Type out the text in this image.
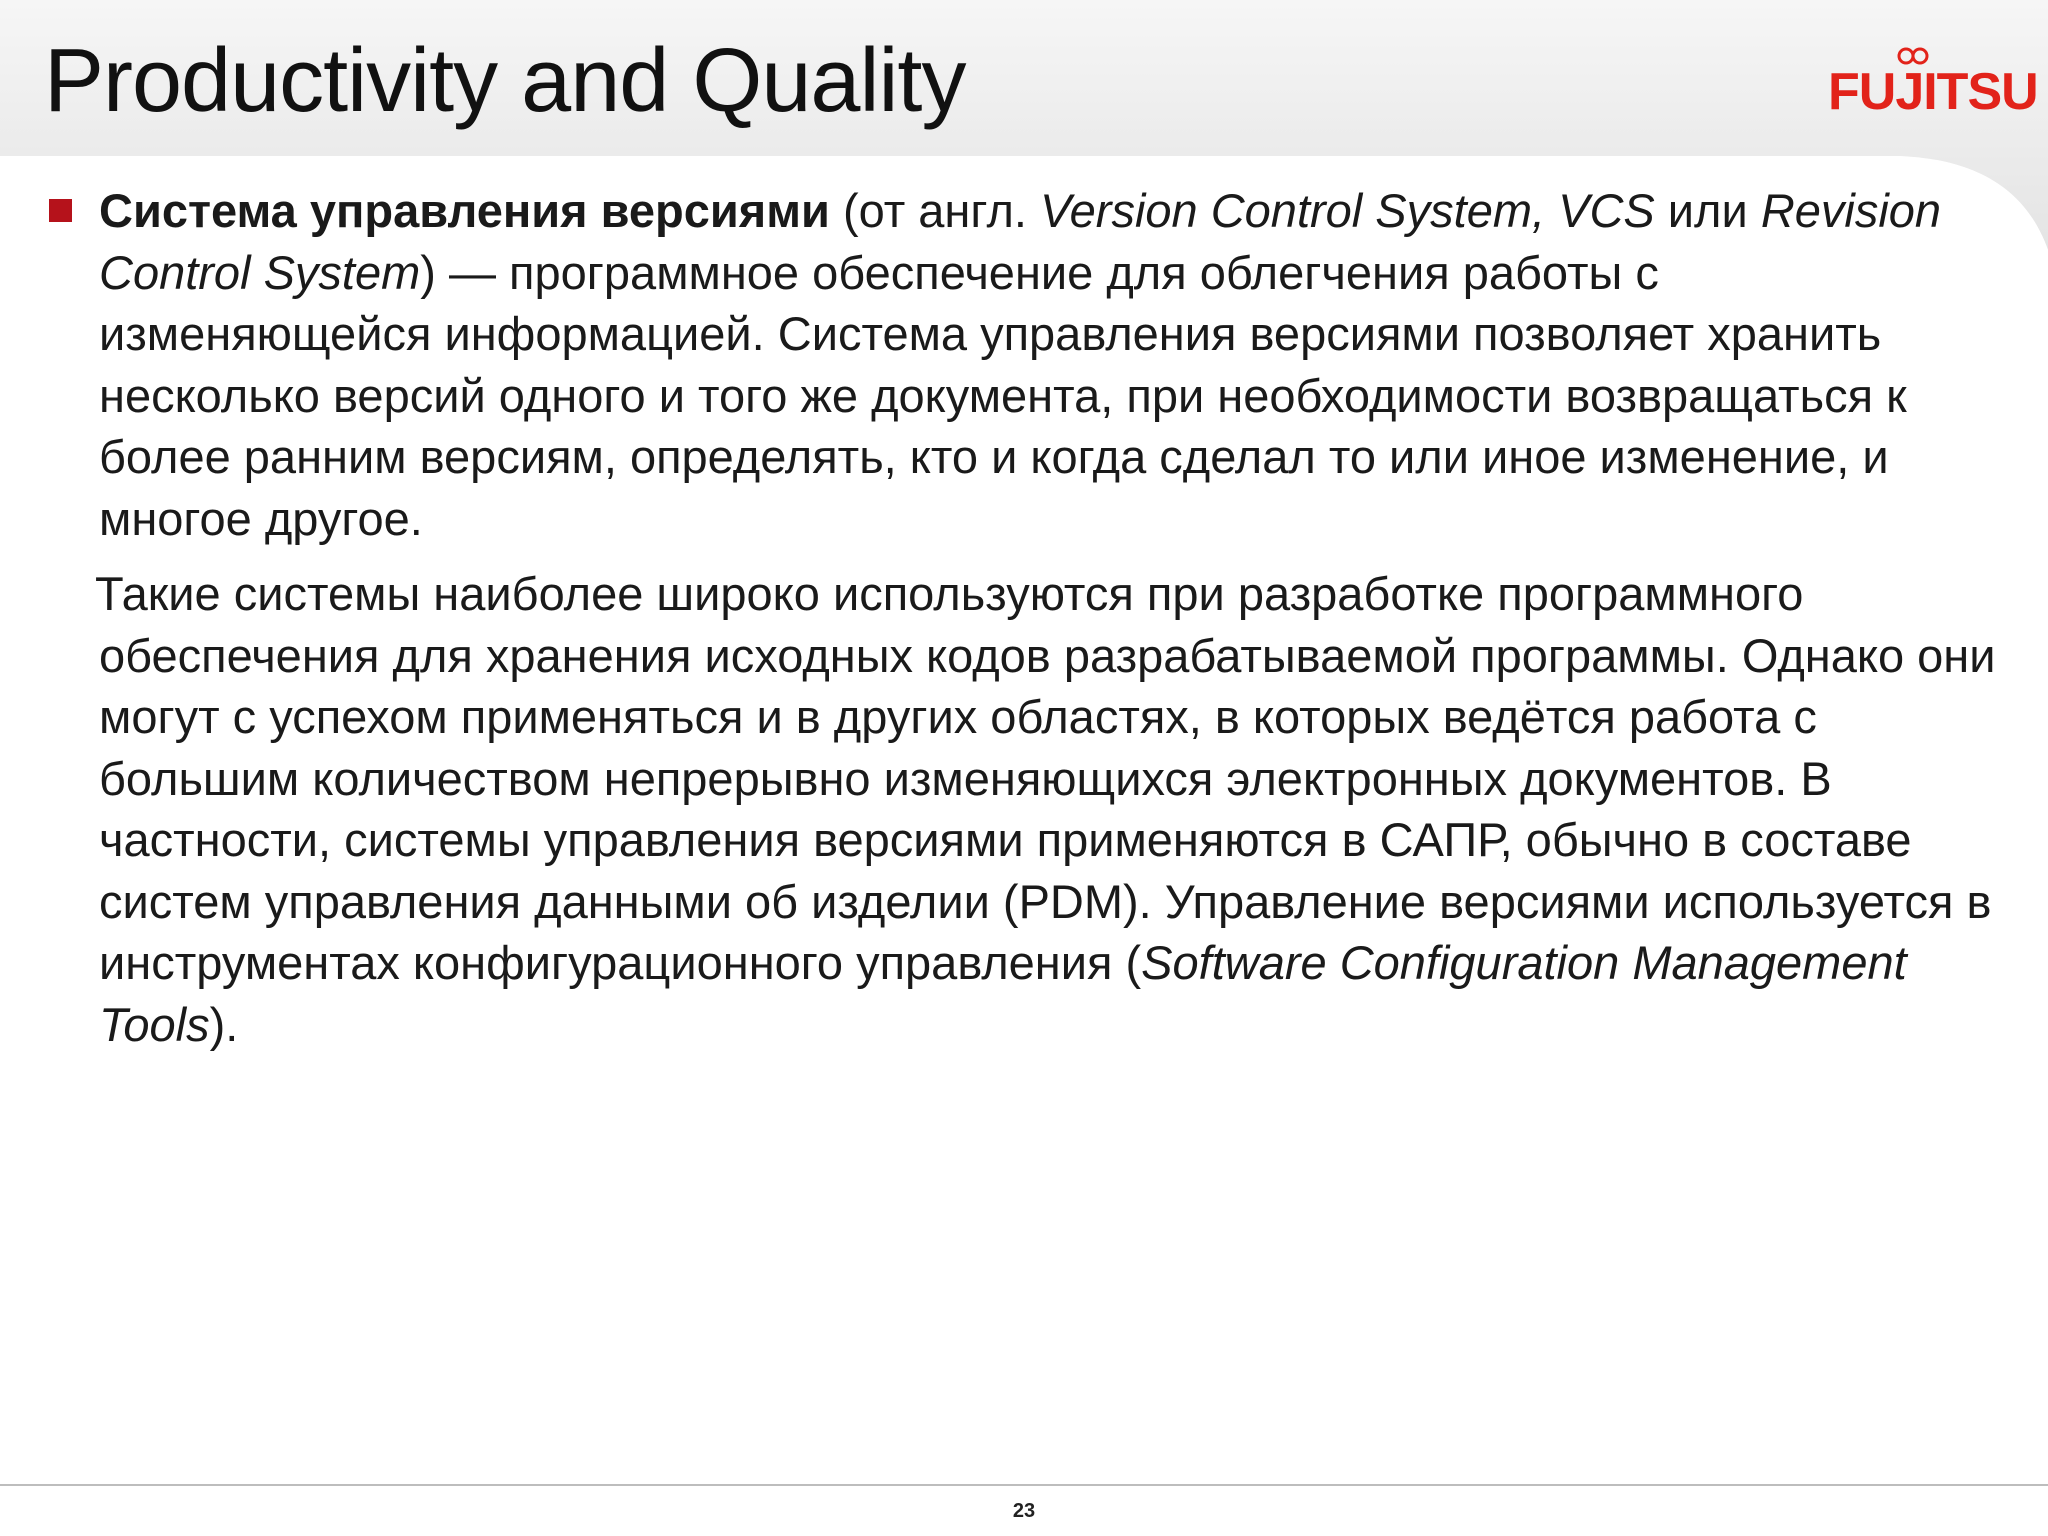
Productivity and Quality	FUJITSU

Система управления версиями (от англ. Version Control System, VCS или Revision Control System) — программное обеспечение для облегчения работы с изменяющейся информацией. Система управления версиями позволяет хранить несколько версий одного и того же документа, при необходимости возвращаться к более ранним версиям, определять, кто и когда сделал то или иное изменение, и многое другое.

Такие системы наиболее широко используются при разработке программного обеспечения для хранения исходных кодов разрабатываемой программы. Однако они могут с успехом применяться и в других областях, в которых ведётся работа с большим количеством непрерывно изменяющихся электронных документов. В частности, системы управления версиями применяются в САПР, обычно в составе систем управления данными об изделии (PDM). Управление версиями используется в инструментах конфигурационного управления (Software Configuration Management Tools).

23
